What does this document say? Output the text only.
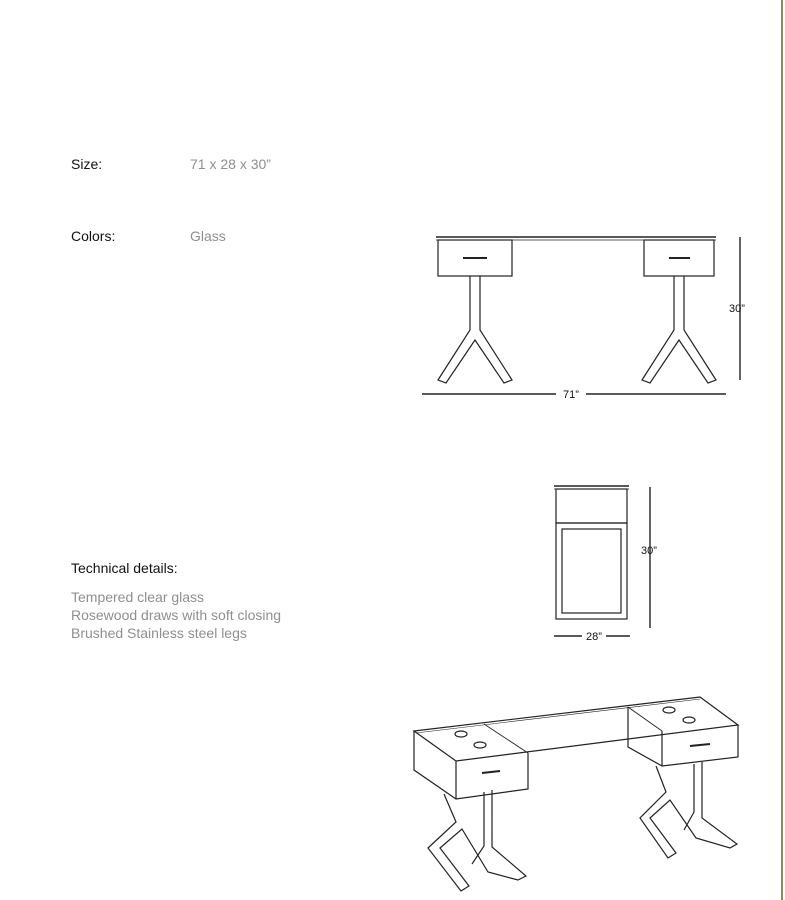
Size:	71 x 28 x 30”
Colors:	Glass
Technical details:
Tempered clear glass
Rosewood draws with soft closing
Brushed Stainless steel legs
30”
71”
30”
28”
